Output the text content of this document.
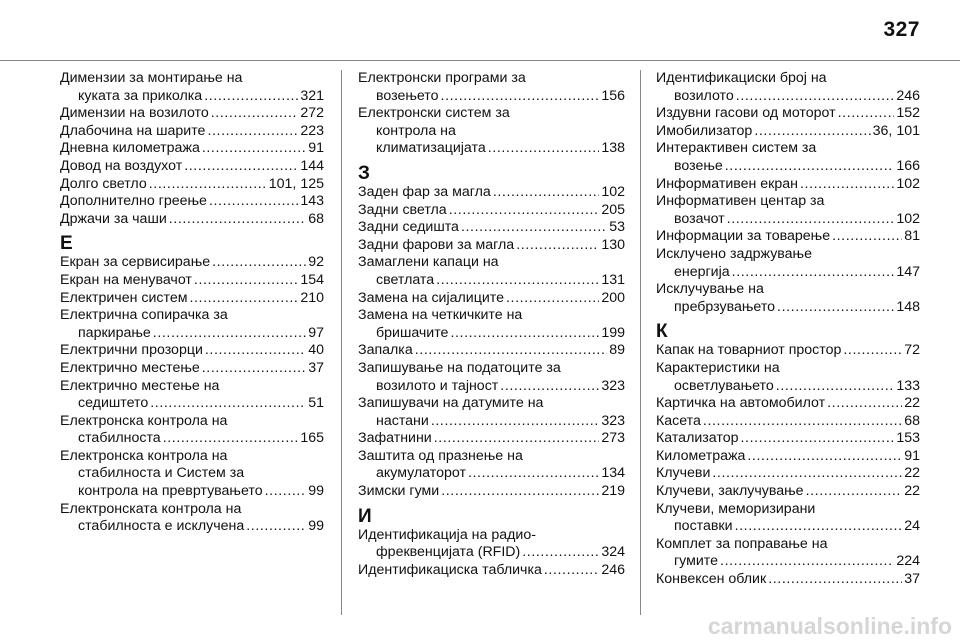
327
Димензии за монтирање на
куката за приколка .....	321
Димензии на возилото .....	272
Длабочина на шарите .....	223
Дневна километража .....	91
Довод на воздухот .....	144
Долго светло .....	101, 125
Дополнително греење .....	143
Држачи за чаши .....	68
Е
Екран за сервисирање .....	92
Екран на менувачот .....	154
Електричен систем .....	210
Електрична сопирачка за
паркирање .....	97
Електрични прозорци .....	40
Електрично местење .....	37
Електрично местење на
седиштето .....	51
Електронска контрола на
стабилноста .....	165
Електронска контрола на
стабилноста и Систем за
контрола на превртувањето .....	99
Електронската контрола на
стабилноста е исклучена .....	99
Електронски програми за
возењето .....	156
Електронски систем за
контрола на
климатизацијата .....	138
З
Заден фар за магла .....	102
Задни светла .....	205
Задни седишта .....	53
Задни фарови за магла .....	130
Замаглени капаци на
светлата .....	131
Замена на сијалиците .....	200
Замена на четкичките на
бришачите .....	199
Запалка .....	89
Запишување на податоците за
возилото и тајност .....	323
Запишувачи на датумите на
настани .....	323
Зафатнини .....	273
Заштита од празнење на
акумулаторот .....	134
Зимски гуми .....	219
И
Идентификација на радио-
фреквенцијата (RFID) .....	324
Идентификациска табличка .....	246
Идентификациски број на
возилото .....	246
Издувни гасови од моторот .....	152
Имобилизатор .....	36, 101
Интерактивен систем за
возење .....	166
Информативен екран .....	102
Информативен центар за
возачот .....	102
Информации за товарење .....	81
Исклучено задржување
енергија .....	147
Исклучување на
пребрзувањето .....	148
К
Капак на товарниот простор .....	72
Карактеристики на
осветлувањето .....	133
Картичка на автомобилот .....	22
Касета .....	68
Катализатор .....	153
Километража .....	91
Клучеви .....	22
Клучеви, заклучување .....	22
Клучеви, меморизирани
поставки .....	24
Комплет за поправање на
гумите .....	224
Конвексен облик .....	37
carmanualsonline.info
